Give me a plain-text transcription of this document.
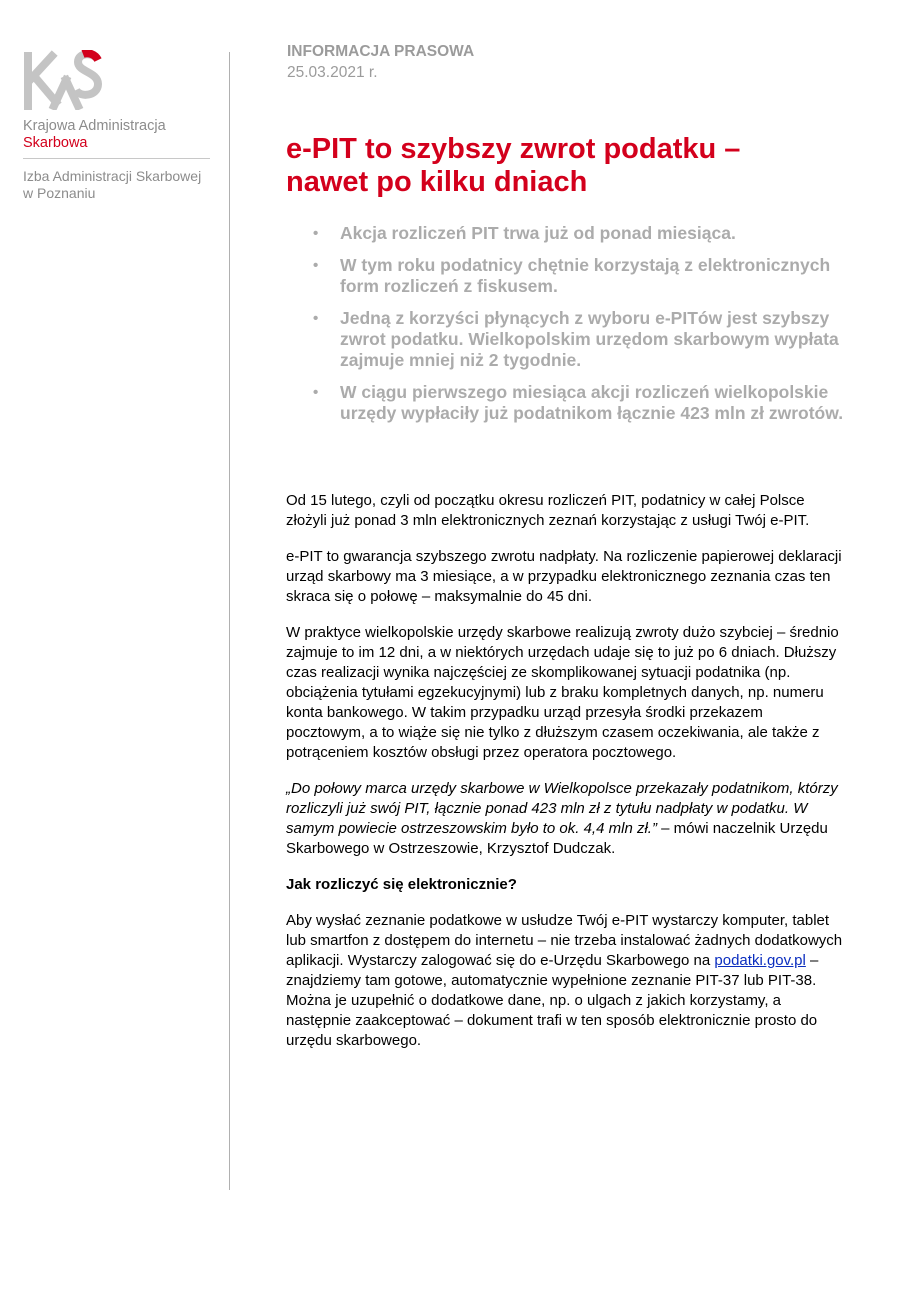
Krajowa Administracja
Skarbowa
Izba Administracji Skarbowej
w Poznaniu
INFORMACJA PRASOWA
25.03.2021 r.
e-PIT to szybszy zwrot podatku –
nawet po kilku dniach
• Akcja rozliczeń PIT trwa już od ponad miesiąca.
• W tym roku podatnicy chętnie korzystają z elektronicznych form rozliczeń z fiskusem.
• Jedną z korzyści płynących z wyboru e-PITów jest szybszy zwrot podatku. Wielkopolskim urzędom skarbowym wypłata zajmuje mniej niż 2 tygodnie.
• W ciągu pierwszego miesiąca akcji rozliczeń wielkopolskie urzędy wypłaciły już podatnikom łącznie 423 mln zł zwrotów.

Od 15 lutego, czyli od początku okresu rozliczeń PIT, podatnicy w całej Polsce złożyli już ponad 3 mln elektronicznych zeznań korzystając z usługi Twój e-PIT.

e-PIT to gwarancja szybszego zwrotu nadpłaty. Na rozliczenie papierowej deklaracji urząd skarbowy ma 3 miesiące, a w przypadku elektronicznego zeznania czas ten skraca się o połowę – maksymalnie do 45 dni.

W praktyce wielkopolskie urzędy skarbowe realizują zwroty dużo szybciej – średnio zajmuje to im 12 dni, a w niektórych urzędach udaje się to już po 6 dniach. Dłuższy czas realizacji wynika najczęściej ze skomplikowanej sytuacji podatnika (np. obciążenia tytułami egzekucyjnymi) lub z braku kompletnych danych, np. numeru konta bankowego. W takim przypadku urząd przesyła środki przekazem pocztowym, a to wiąże się nie tylko z dłuższym czasem oczekiwania, ale także z potrąceniem kosztów obsługi przez operatora pocztowego.

„Do połowy marca urzędy skarbowe w Wielkopolsce przekazały podatnikom, którzy rozliczyli już swój PIT, łącznie ponad 423 mln zł z tytułu nadpłaty w podatku. W samym powiecie ostrzeszowskim było to ok. 4,4 mln zł.” – mówi naczelnik Urzędu Skarbowego w Ostrzeszowie, Krzysztof Dudczak.

Jak rozliczyć się elektronicznie?

Aby wysłać zeznanie podatkowe w usłudze Twój e-PIT wystarczy komputer, tablet lub smartfon z dostępem do internetu – nie trzeba instalować żadnych dodatkowych aplikacji. Wystarczy zalogować się do e-Urzędu Skarbowego na podatki.gov.pl – znajdziemy tam gotowe, automatycznie wypełnione zeznanie PIT-37 lub PIT-38. Można je uzupełnić o dodatkowe dane, np. o ulgach z jakich korzystamy, a następnie zaakceptować – dokument trafi w ten sposób elektronicznie prosto do urzędu skarbowego.
